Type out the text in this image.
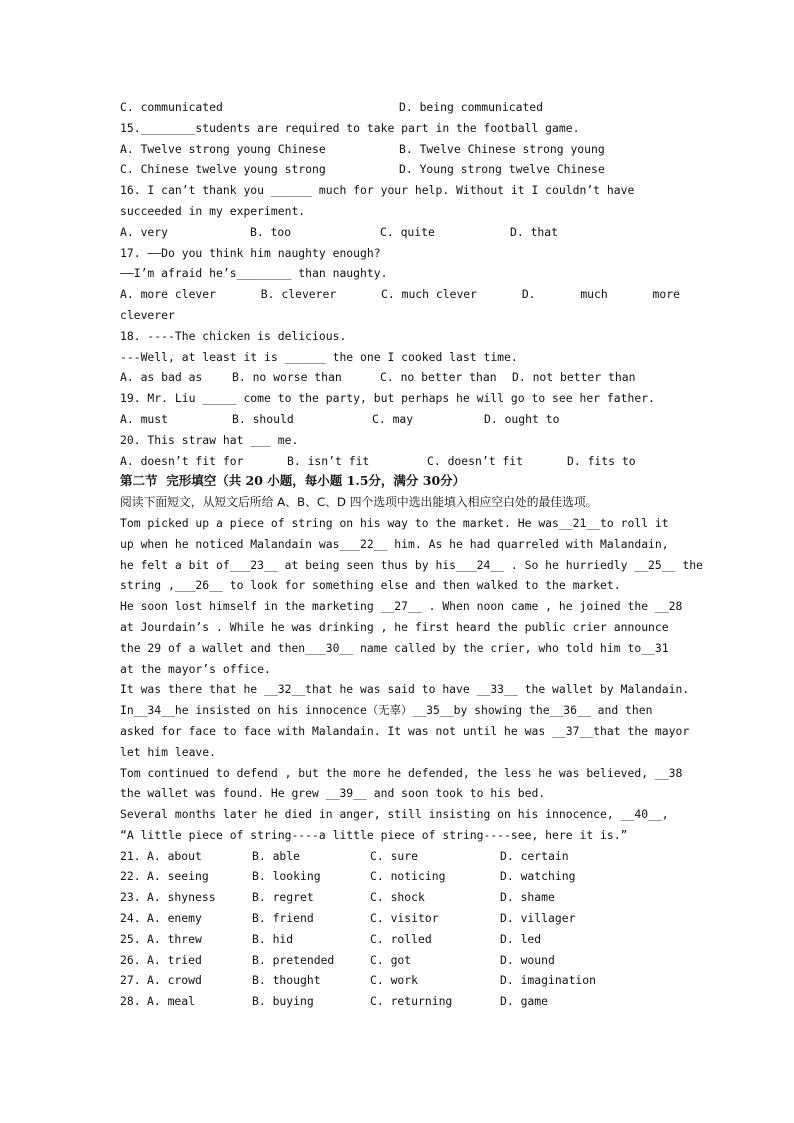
C. communicated	D. being communicated
15.________students are required to take part in the football game.
A. Twelve strong young Chinese	B. Twelve Chinese strong young
C. Chinese twelve young strong	D. Young strong twelve Chinese
16. I can’t thank you ______ much for your help. Without it I couldn’t have
succeeded in my experiment.
A. very	B. too	C. quite	D. that
17. ——Do you think him naughty enough?
——I’m afraid he’s________ than naughty.
A. more clever	B. cleverer	C. much clever	D.	much	more
cleverer
18. ----The chicken is delicious.
---Well, at least it is ______ the one I cooked last time.
A. as bad as	B. no worse than	C. no better than	D. not better than
19. Mr. Liu _____ come to the party, but perhaps he will go to see her father.
A. must	B. should	C. may	D. ought to
20. This straw hat ___ me.
A. doesn’t fit for	B. isn’t fit	C. doesn’t fit	D. fits to
第二节  完形填空（共 20 小题，每小题 1.5分，满分 30分）
阅读下面短文，从短文后所给 A、B、C、D 四个选项中选出能填入相应空白处的最佳选项。
Tom picked up a piece of string on his way to the market. He was__21__to roll it
up when he noticed Malandain was___22__ him. As he had quarreled with Malandain,
he felt a bit of___23__ at being seen thus by his___24__ . So he hurriedly __25__ the
string ,___26__ to look for something else and then walked to the market.
He soon lost himself in the marketing __27__ . When noon came , he joined the __28
at Jourdain’s . While he was drinking , he first heard the public crier announce
the 29 of a wallet and then___30__ name called by the crier, who told him to__31
at the mayor’s office.
It was there that he __32__that he was said to have __33__ the wallet by Malandain.
In__34__he insisted on his innocence（无辜）__35__by showing the__36__ and then
asked for face to face with Malandain. It was not until he was __37__that the mayor
let him leave.
Tom continued to defend , but the more he defended, the less he was believed, __38
the wallet was found. He grew __39__ and soon took to his bed.
Several months later he died in anger, still insisting on his innocence, __40__,
“A little piece of string----a little piece of string----see, here it is.”
21. A. about	B. able	C. sure	D. certain
22. A. seeing	B. looking	C. noticing	D. watching
23. A. shyness	B. regret	C. shock	D. shame
24. A. enemy	B. friend	C. visitor	D. villager
25. A. threw	B. hid	C. rolled	D. led
26. A. tried	B. pretended	C. got	D. wound
27. A. crowd	B. thought	C. work	D. imagination
28. A. meal	B. buying	C. returning	D. game
